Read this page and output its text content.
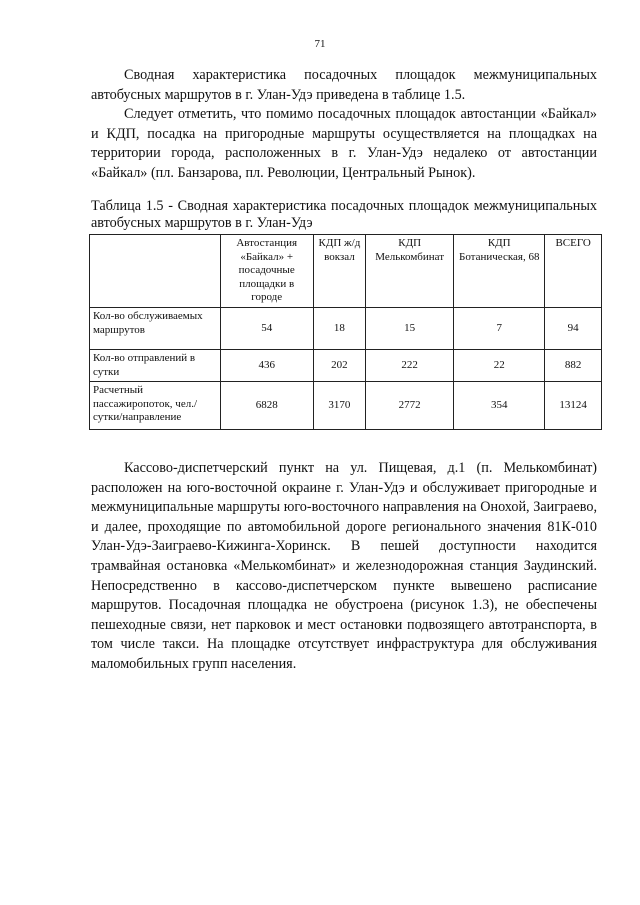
71

Сводная характеристика посадочных площадок межмуниципальных автобусных маршрутов в г. Улан-Удэ приведена в таблице 1.5.

Следует отметить, что помимо посадочных площадок автостанции «Байкал» и КДП, посадка на пригородные маршруты осуществляется на площадках на территории города, расположенных в г. Улан-Удэ недалеко от автостанции «Байкал» (пл. Банзарова, пл. Революции, Центральный Рынок).

Таблица 1.5 - Сводная характеристика посадочных площадок межмуниципальных автобусных маршрутов в г. Улан-Удэ

	Автостанция «Байкал» + посадочные площадки в городе	КДП ж/д вокзал	КДП Мелькомбинат	КДП Ботаническая, 68	ВСЕГО
Кол-во обслуживаемых маршрутов	54	18	15	7	94
Кол-во отправлений в сутки	436	202	222	22	882
Расчетный пассажиропоток, чел./сутки/направление	6828	3170	2772	354	13124

Кассово-диспетчерский пункт на ул. Пищевая, д.1 (п. Мелькомбинат) расположен на юго-восточной окраине г. Улан-Удэ и обслуживает пригородные и межмуниципальные маршруты юго-восточного направления на Онохой, Заиграево, и далее, проходящие по автомобильной дороге регионального значения 81К-010 Улан-Удэ-Заиграево-Кижинга-Хоринск. В пешей доступности находится трамвайная остановка «Мелькомбинат» и железнодорожная станция Заудинский. Непосредственно в кассово-диспетчерском пункте вывешено расписание маршрутов. Посадочная площадка не обустроена (рисунок 1.3), не обеспечены пешеходные связи, нет парковок и мест остановки подвозящего автотранспорта, в том числе такси. На площадке отсутствует инфраструктура для обслуживания маломобильных групп населения.
